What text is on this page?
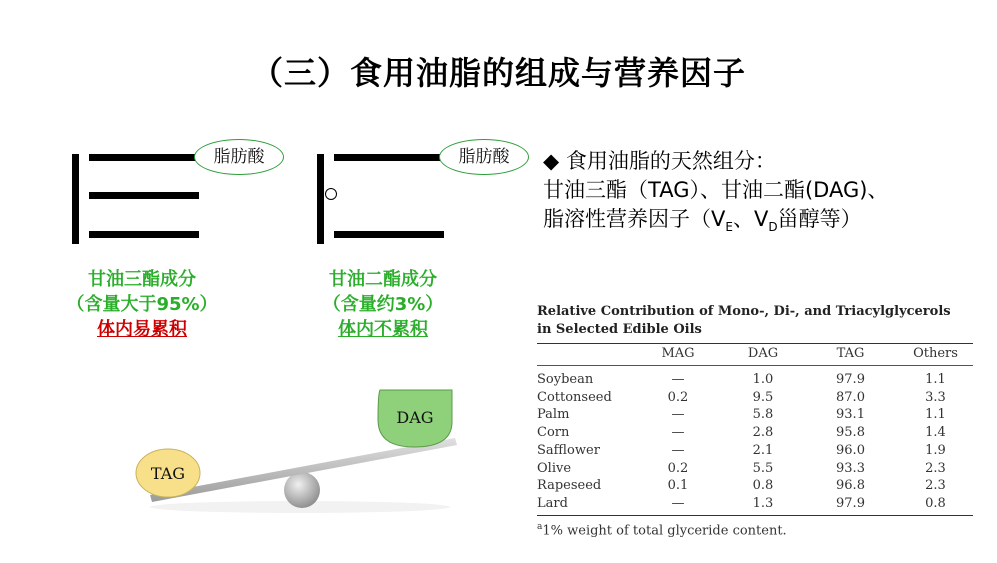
（三）食用油脂的组成与营养因子
脂肪酸	脂肪酸
甘油三酯成分
（含量大于95%）
体内易累积
甘油二酯成分
（含量约3%）
体内不累积
◆ 食用油脂的天然组分：
甘油三酯（TAG）、甘油二酯(DAG)、
脂溶性营养因子（$V_E$、$V_D$甾醇等）
TAG
DAG
Relative Contribution of Mono-, Di-, and Triacylglycerols
in Selected Edible Oils
	MAG	DAG	TAG	Others
Soybean	—	1.0	97.9	1.1
Cottonseed	0.2	9.5	87.0	3.3
Palm	—	5.8	93.1	1.1
Corn	—	2.8	95.8	1.4
Safflower	—	2.1	96.0	1.9
Olive	0.2	5.5	93.3	2.3
Rapeseed	0.1	0.8	96.8	2.3
Lard	—	1.3	97.9	0.8
$^a$1% weight of total glyceride content.
